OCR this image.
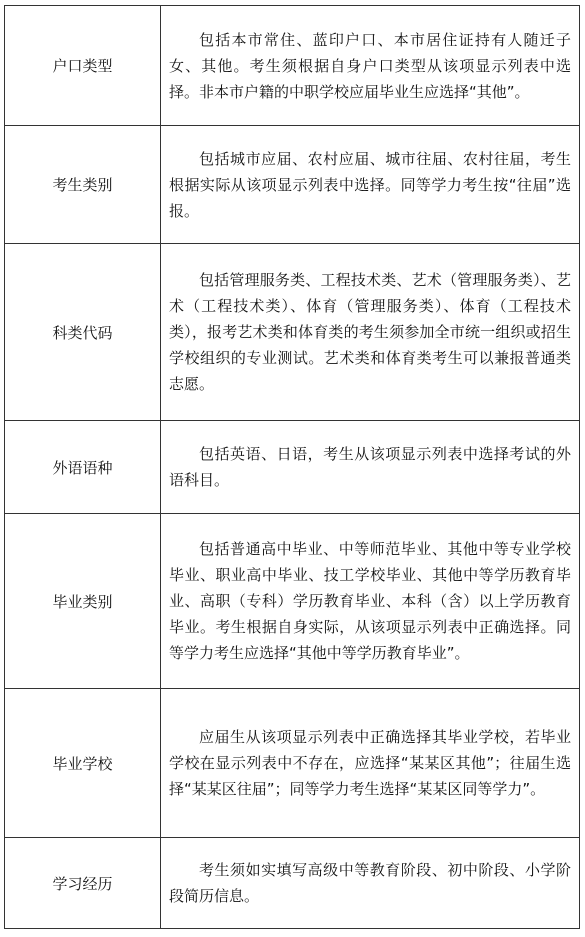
户口类型	包括本市常住、蓝印户口、本市居住证持有人随迁子女、其他。考生须根据自身户口类型从该项显示列表中选择。非本市户籍的中职学校应届毕业生应选择“其他”。

考生类别	包括城市应届、农村应届、城市往届、农村往届，考生根据实际从该项显示列表中选择。同等学力考生按“往届”选报。

科类代码	包括管理服务类、工程技术类、艺术（管理服务类）、艺术（工程技术类）、体育（管理服务类）、体育（工程技术类），报考艺术类和体育类的考生须参加全市统一组织或招生学校组织的专业测试。艺术类和体育类考生可以兼报普通类志愿。

外语语种	包括英语、日语，考生从该项显示列表中选择考试的外语科目。

毕业类别	包括普通高中毕业、中等师范毕业、其他中等专业学校毕业、职业高中毕业、技工学校毕业、其他中等学历教育毕业、高职（专科）学历教育毕业、本科（含）以上学历教育毕业。考生根据自身实际，从该项显示列表中正确选择。同等学力考生应选择“其他中等学历教育毕业”。

毕业学校	应届生从该项显示列表中正确选择其毕业学校，若毕业学校在显示列表中不存在，应选择“某某区其他”；往届生选择“某某区往届”；同等学力考生选择“某某区同等学力”。

学习经历	考生须如实填写高级中等教育阶段、初中阶段、小学阶段简历信息。
